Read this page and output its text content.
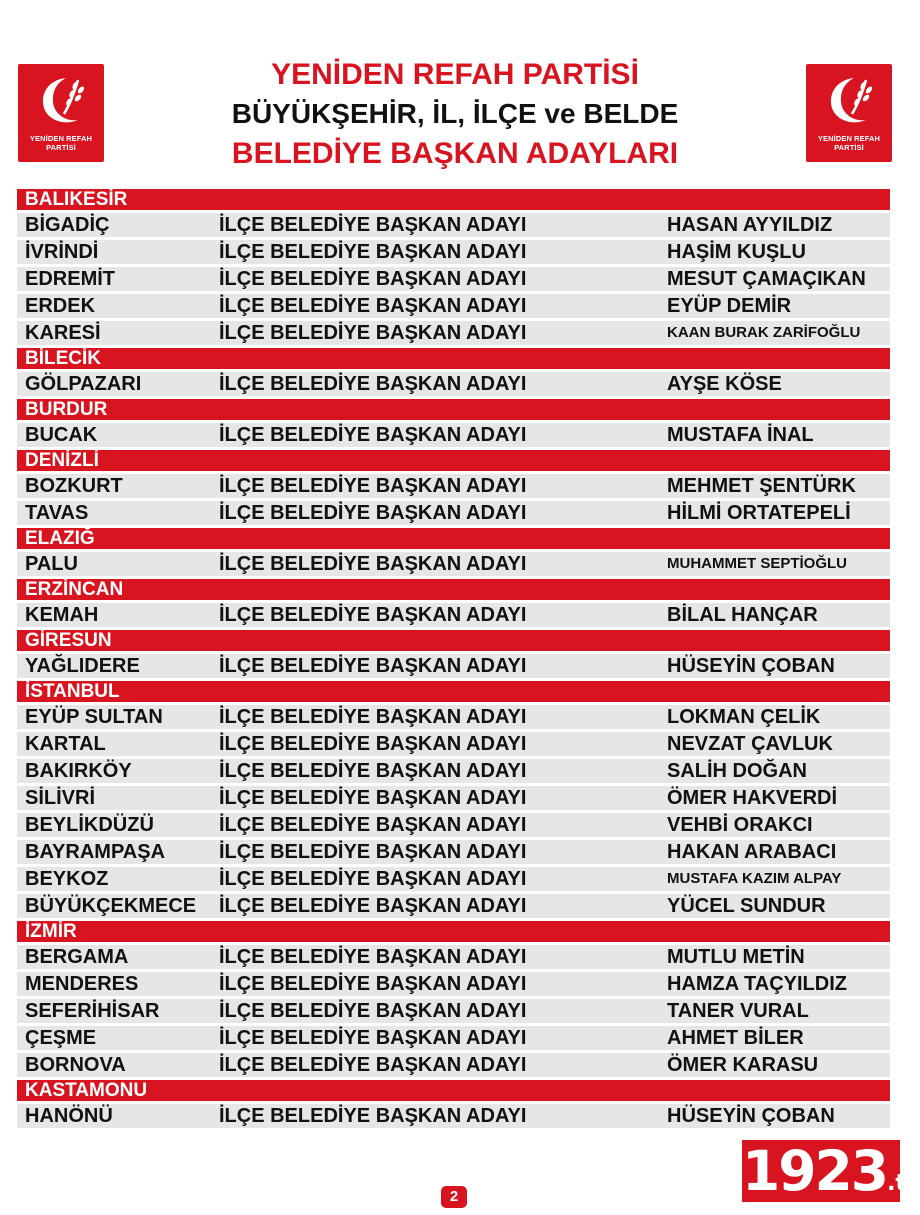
YENİDEN REFAH
PARTİSİ
YENİDEN REFAH
PARTİSİ
YENİDEN REFAH PARTİSİ
BÜYÜKŞEHİR, İL, İLÇE ve BELDE
BELEDİYE BAŞKAN ADAYLARI
BALIKESİR
BİGADİÇ	İLÇE BELEDİYE BAŞKAN ADAYI	HASAN AYYILDIZ
İVRİNDİ	İLÇE BELEDİYE BAŞKAN ADAYI	HAŞİM KUŞLU
EDREMİT	İLÇE BELEDİYE BAŞKAN ADAYI	MESUT ÇAMAÇIKAN
ERDEK	İLÇE BELEDİYE BAŞKAN ADAYI	EYÜP DEMİR
KARESİ	İLÇE BELEDİYE BAŞKAN ADAYI	KAAN BURAK ZARİFOĞLU
BİLECİK
GÖLPAZARI	İLÇE BELEDİYE BAŞKAN ADAYI	AYŞE KÖSE
BURDUR
BUCAK	İLÇE BELEDİYE BAŞKAN ADAYI	MUSTAFA İNAL
DENİZLİ
BOZKURT	İLÇE BELEDİYE BAŞKAN ADAYI	MEHMET ŞENTÜRK
TAVAS	İLÇE BELEDİYE BAŞKAN ADAYI	HİLMİ ORTATEPELİ
ELAZIĞ
PALU	İLÇE BELEDİYE BAŞKAN ADAYI	MUHAMMET SEPTİOĞLU
ERZİNCAN
KEMAH	İLÇE BELEDİYE BAŞKAN ADAYI	BİLAL HANÇAR
GİRESUN
YAĞLIDERE	İLÇE BELEDİYE BAŞKAN ADAYI	HÜSEYİN ÇOBAN
İSTANBUL
EYÜP SULTAN	İLÇE BELEDİYE BAŞKAN ADAYI	LOKMAN ÇELİK
KARTAL	İLÇE BELEDİYE BAŞKAN ADAYI	NEVZAT ÇAVLUK
BAKIRKÖY	İLÇE BELEDİYE BAŞKAN ADAYI	SALİH DOĞAN
SİLİVRİ	İLÇE BELEDİYE BAŞKAN ADAYI	ÖMER HAKVERDİ
BEYLİKDÜZÜ	İLÇE BELEDİYE BAŞKAN ADAYI	VEHBİ ORAKCI
BAYRAMPAŞA	İLÇE BELEDİYE BAŞKAN ADAYI	HAKAN ARABACI
BEYKOZ	İLÇE BELEDİYE BAŞKAN ADAYI	MUSTAFA KAZIM ALPAY
BÜYÜKÇEKMECE İLÇE BELEDİYE BAŞKAN ADAYI	YÜCEL SUNDUR
İZMİR
BERGAMA	İLÇE BELEDİYE BAŞKAN ADAYI	MUTLU METİN
MENDERES	İLÇE BELEDİYE BAŞKAN ADAYI	HAMZA TAÇYILDIZ
SEFERİHİSAR	İLÇE BELEDİYE BAŞKAN ADAYI	TANER VURAL
ÇEŞME	İLÇE BELEDİYE BAŞKAN ADAYI	AHMET BİLER
BORNOVA	İLÇE BELEDİYE BAŞKAN ADAYI	ÖMER KARASU
KASTAMONU
HANÖNÜ	İLÇE BELEDİYE BAŞKAN ADAYI	HÜSEYİN ÇOBAN
2	1923.tv
